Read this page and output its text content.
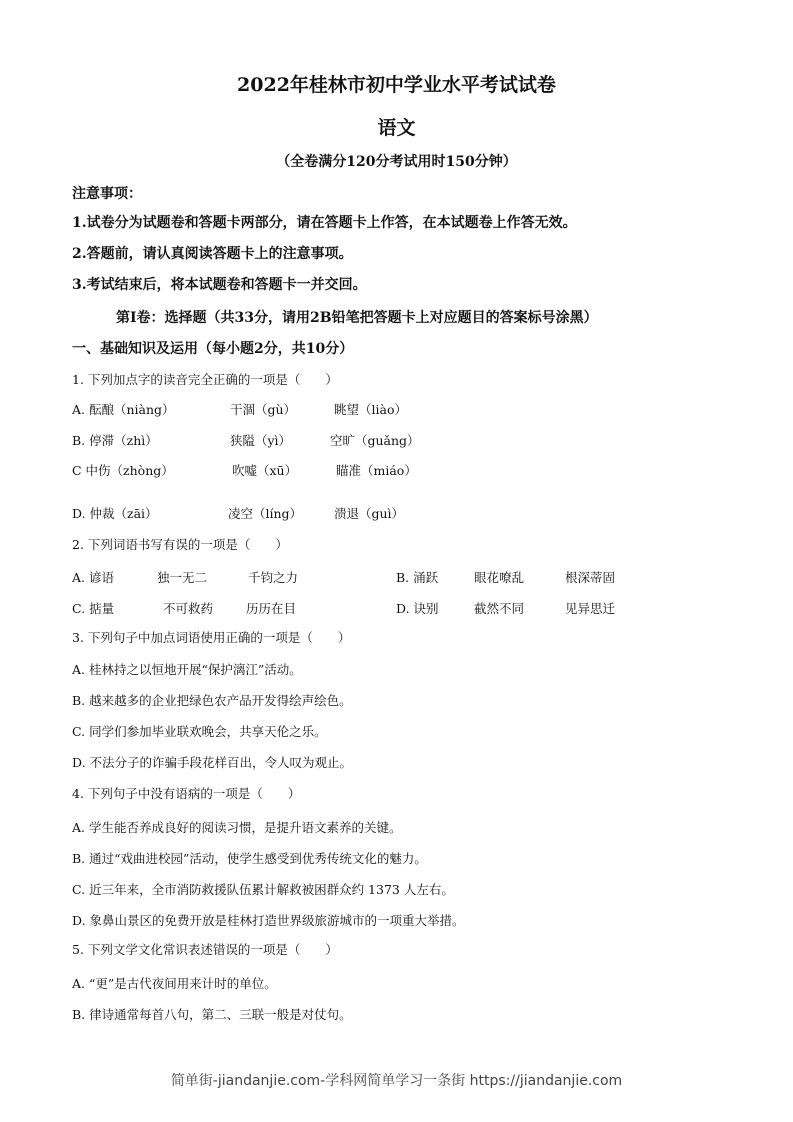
2022年桂林市初中学业水平考试试卷
语文
（全卷满分120分考试用时150分钟）
注意事项：
1.试卷分为试题卷和答题卡两部分，请在答题卡上作答，在本试题卷上作答无效。
2.答题前，请认真阅读答题卡上的注意事项。
3.考试结束后，将本试题卷和答题卡一并交回。
第Ⅰ卷：选择题（共33分，请用2B铅笔把答题卡上对应题目的答案标号涂黑）
一、基础知识及运用（每小题2分，共10分）
1. 下列加点字的读音完全正确的一项是（　　）
A. 酝酿（niàng）	干涸（gù）	眺望（liào）
B. 停滞（zhì）	狭隘（yì）	空旷（guǎng）
C 中伤（zhòng）	吹嘘（xū）	瞄准（miáo）
D. 仲裁（zāi）	凌空（líng）	溃退（guì）
2. 下列词语书写有误的一项是（　　）
A. 谚语	独一无二	千钧之力	B. 涌跃	眼花嘹乱	根深蒂固
C. 掂量	不可救药	历历在目	D. 诀别	截然不同	见异思迁
3. 下列句子中加点词语使用正确的一项是（　　）
A. 桂林持之以恒地开展“保护漓江”活动。
B. 越来越多的企业把绿色农产品开发得绘声绘色。
C. 同学们参加毕业联欢晚会，共享天伦之乐。
D. 不法分子的诈骗手段花样百出，令人叹为观止。
4. 下列句子中没有语病的一项是（　　）
A. 学生能否养成良好的阅读习惯，是提升语文素养的关键。
B. 通过“戏曲进校园”活动，使学生感受到优秀传统文化的魅力。
C. 近三年来，全市消防救援队伍累计解救被困群众约 1373 人左右。
D. 象鼻山景区的免费开放是桂林打造世界级旅游城市的一项重大举措。
5. 下列文学文化常识表述错误的一项是（　　）
A. “更”是古代夜间用来计时的单位。
B. 律诗通常每首八句，第二、三联一般是对仗句。
简单街-jiandanjie.com-学科网简单学习一条街 https://jiandanjie.com
